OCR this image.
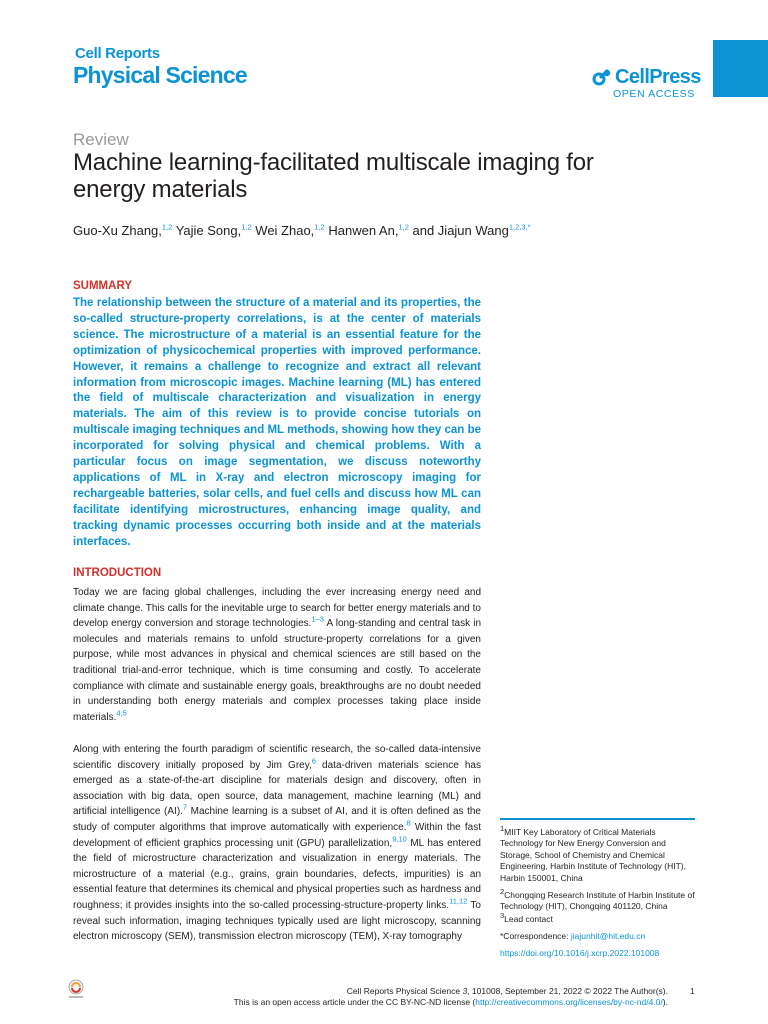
Cell Reports
Physical Science	CellPress
OPEN ACCESS
Review
Machine learning-facilitated multiscale imaging for energy materials
Guo-Xu Zhang,$^{1,2}$ Yajie Song,$^{1,2}$ Wei Zhao,$^{1,2}$ Hanwen An,$^{1,2}$ and Jiajun Wang$^{1,2,3,*}$
SUMMARY
The relationship between the structure of a material and its properties, the so-called structure-property correlations, is at the center of materials science. The microstructure of a material is an essential feature for the optimization of physicochemical properties with improved performance. However, it remains a challenge to recognize and extract all relevant information from microscopic images. Machine learning (ML) has entered the field of multiscale characterization and visualization in energy materials. The aim of this review is to provide concise tutorials on multiscale imaging techniques and ML methods, showing how they can be incorporated for solving physical and chemical problems. With a particular focus on image segmentation, we discuss noteworthy applications of ML in X-ray and electron microscopy imaging for rechargeable batteries, solar cells, and fuel cells and discuss how ML can facilitate identifying microstructures, enhancing image quality, and tracking dynamic processes occurring both inside and at the materials interfaces.
INTRODUCTION
Today we are facing global challenges, including the ever increasing energy need and climate change. This calls for the inevitable urge to search for better energy materials and to develop energy conversion and storage technologies.$^{1-3}$ A long-standing and central task in molecules and materials remains to unfold structure-property correlations for a given purpose, while most advances in physical and chemical sciences are still based on the traditional trial-and-error technique, which is time consuming and costly. To accelerate compliance with climate and sustainable energy goals, breakthroughs are no doubt needed in understanding both energy materials and complex processes taking place inside materials.$^{4,5}$
Along with entering the fourth paradigm of scientific research, the so-called data-intensive scientific discovery initially proposed by Jim Grey,$^6$ data-driven materials science has emerged as a state-of-the-art discipline for materials design and discovery, often in association with big data, open source, data management, machine learning (ML) and artificial intelligence (AI).$^7$ Machine learning is a subset of AI, and it is often defined as the study of computer algorithms that improve automatically with experience.$^8$ Within the fast development of efficient graphics processing unit (GPU) parallelization,$^{9,10}$ ML has entered the field of microstructure characterization and visualization in energy materials. The microstructure of a material (e.g., grains, grain boundaries, defects, impurities) is an essential feature that determines its chemical and physical properties such as hardness and roughness; it provides insights into the so-called processing-structure-property links.$^{11,12}$ To reveal such information, imaging techniques typically used are light microscopy, scanning electron microscopy (SEM), transmission electron microscopy (TEM), X-ray tomography
$^1$MIIT Key Laboratory of Critical Materials Technology for New Energy Conversion and Storage, School of Chemistry and Chemical Engineering, Harbin Institute of Technology (HIT), Harbin 150001, China
$^2$Chongqing Research Institute of Harbin Institute of Technology (HIT), Chongqing 401120, China
$^3$Lead contact
*Correspondence: jiajunhit@hit.edu.cn
https://doi.org/10.1016/j.xcrp.2022.101008
Cell Reports Physical Science 3, 101008, September 21, 2022 © 2022 The Author(s).
This is an open access article under the CC BY-NC-ND license (http://creativecommons.org/licenses/by-nc-nd/4.0/).
1
